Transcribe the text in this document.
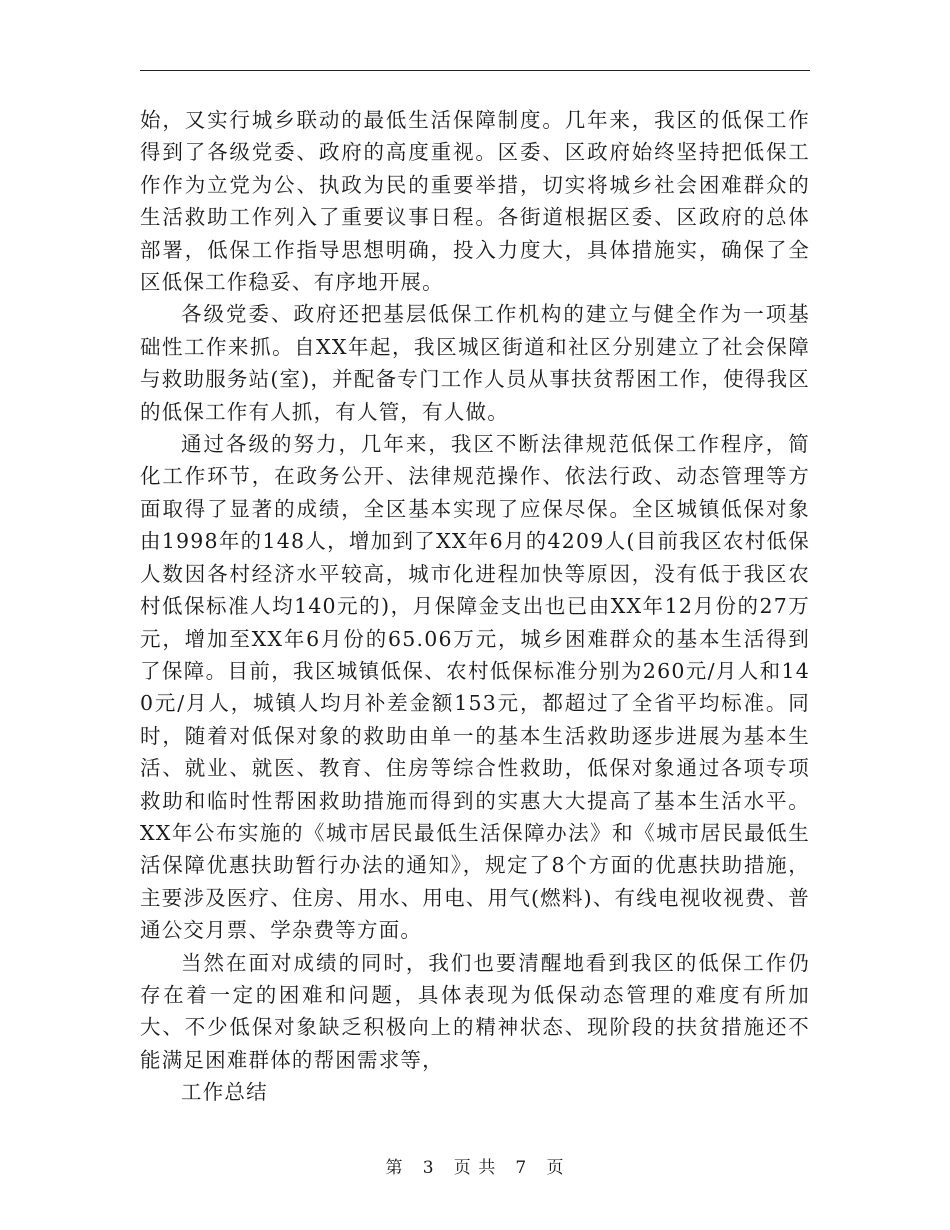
始，又实行城乡联动的最低生活保障制度。几年来，我区的低保工作得到了各级党委、政府的高度重视。区委、区政府始终坚持把低保工作作为立党为公、执政为民的重要举措，切实将城乡社会困难群众的生活救助工作列入了重要议事日程。各街道根据区委、区政府的总体部署，低保工作指导思想明确，投入力度大，具体措施实，确保了全区低保工作稳妥、有序地开展。

各级党委、政府还把基层低保工作机构的建立与健全作为一项基础性工作来抓。自XX年起，我区城区街道和社区分别建立了社会保障与救助服务站(室)，并配备专门工作人员从事扶贫帮困工作，使得我区的低保工作有人抓，有人管，有人做。

通过各级的努力，几年来，我区不断法律规范低保工作程序，简化工作环节，在政务公开、法律规范操作、依法行政、动态管理等方面取得了显著的成绩，全区基本实现了应保尽保。全区城镇低保对象由1998年的148人，增加到了XX年6月的4209人(目前我区农村低保人数因各村经济水平较高，城市化进程加快等原因，没有低于我区农村低保标准人均140元的)，月保障金支出也已由XX年12月份的27万元，增加至XX年6月份的65.06万元，城乡困难群众的基本生活得到了保障。目前，我区城镇低保、农村低保标准分别为260元/月人和140元/月人，城镇人均月补差金额153元，都超过了全省平均标准。同时，随着对低保对象的救助由单一的基本生活救助逐步进展为基本生活、就业、就医、教育、住房等综合性救助，低保对象通过各项专项救助和临时性帮困救助措施而得到的实惠大大提高了基本生活水平。 XX年公布实施的《城市居民最低生活保障办法》和《城市居民最低生活保障优惠扶助暂行办法的通知》，规定了8个方面的优惠扶助措施，主要涉及医疗、住房、用水、用电、用气(燃料)、有线电视收视费、普通公交月票、学杂费等方面。

当然在面对成绩的同时，我们也要清醒地看到我区的低保工作仍存在着一定的困难和问题，具体表现为低保动态管理的难度有所加大、不少低保对象缺乏积极向上的精神状态、现阶段的扶贫措施还不能满足困难群体的帮困需求等，

工作总结

第 3 页 共 7 页
